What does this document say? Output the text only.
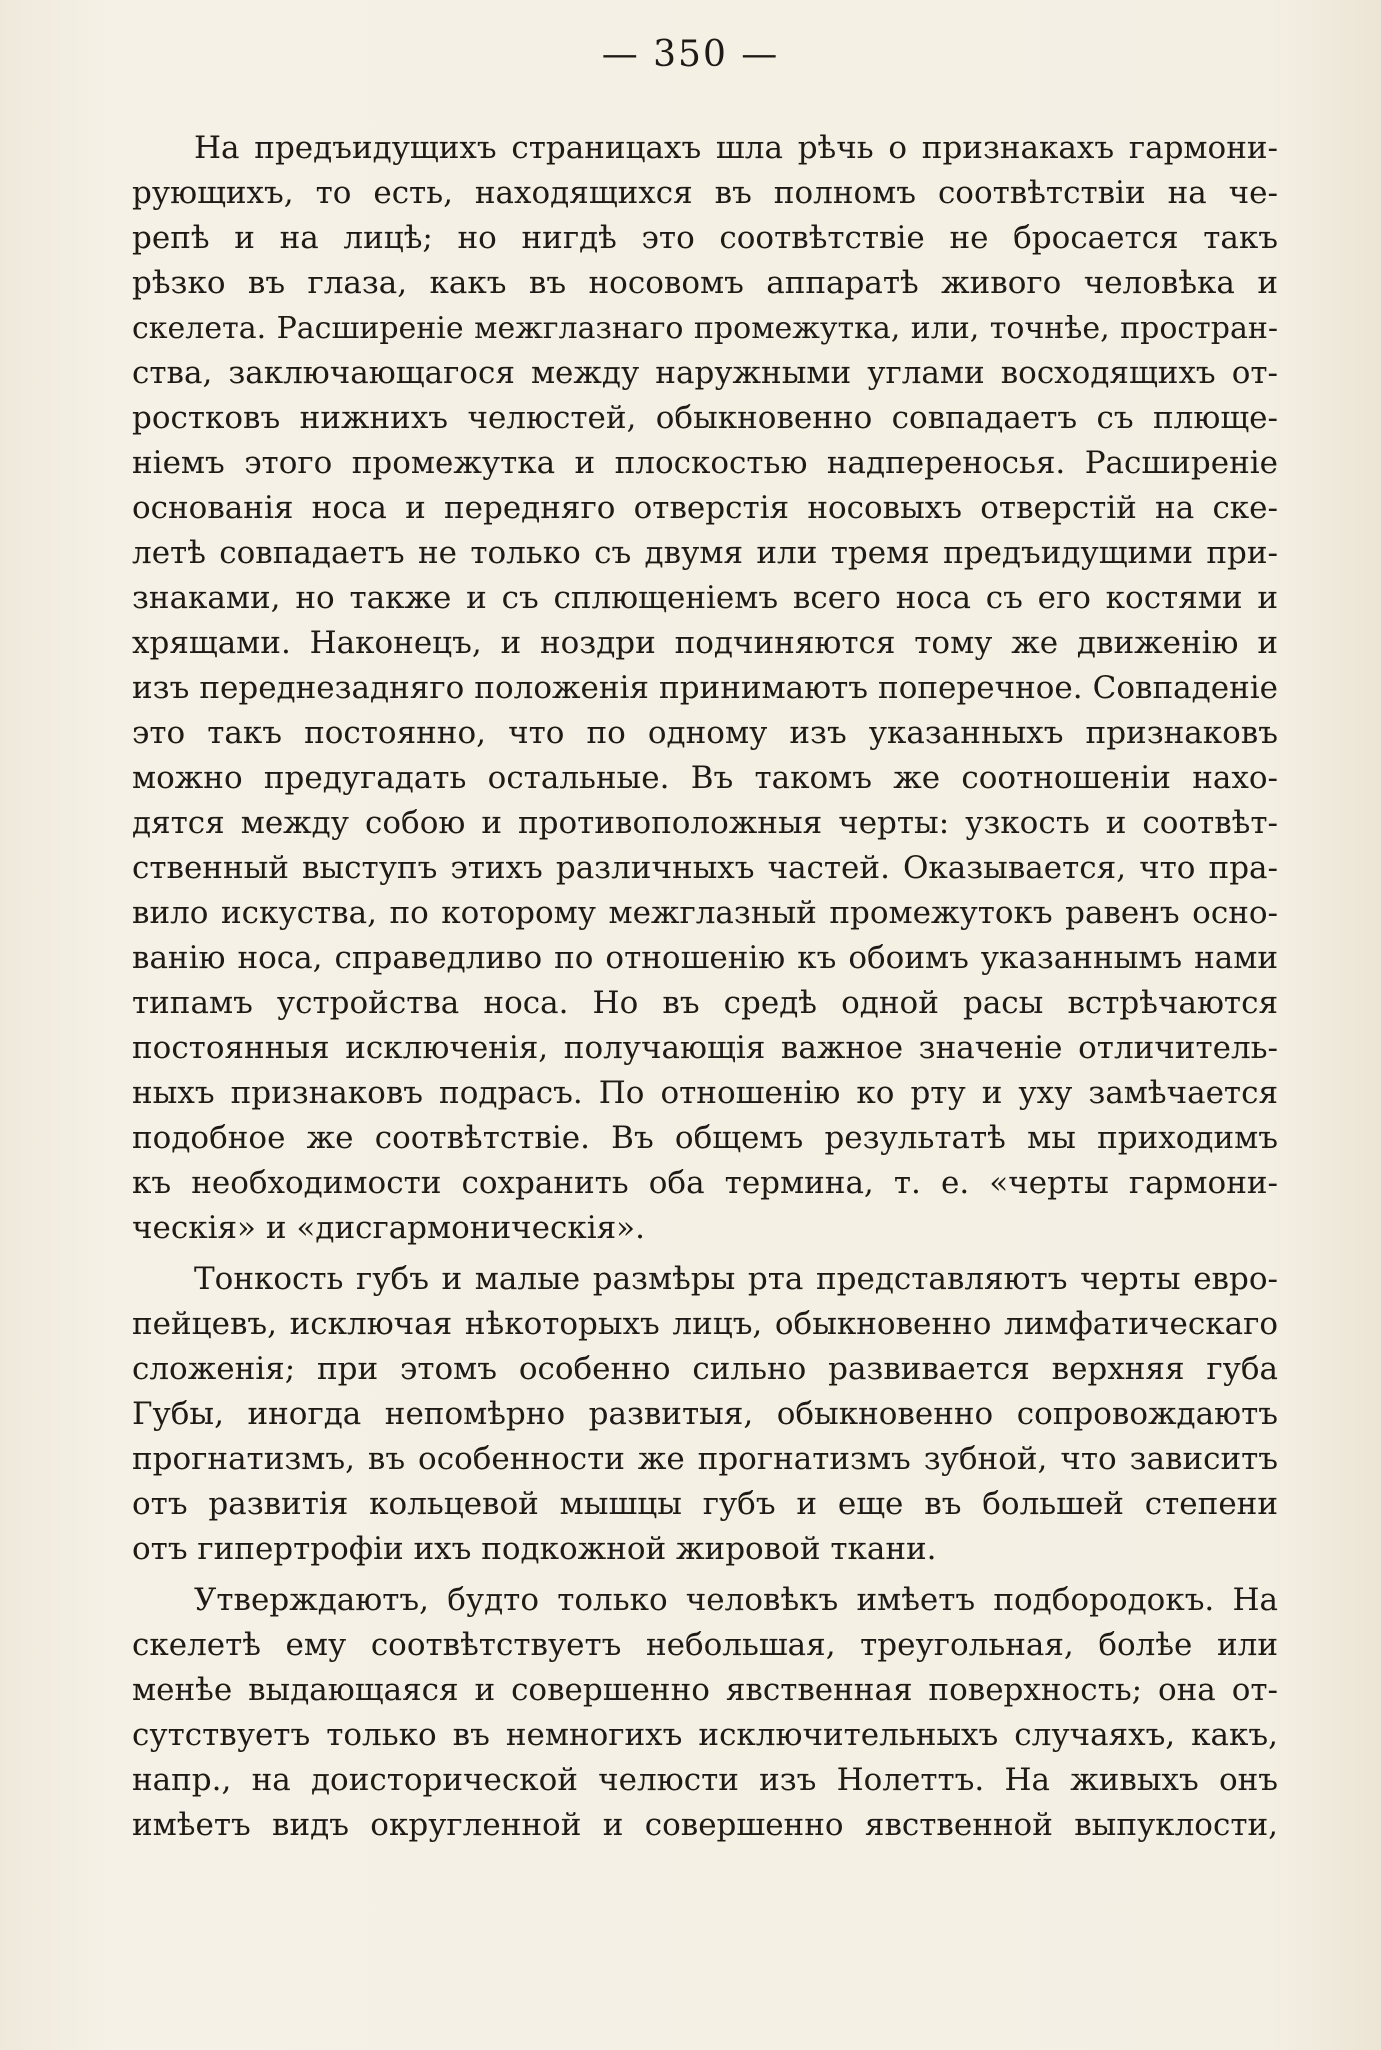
— 350 —
На предъидущихъ страницахъ шла рѣчь о признакахъ гармони-
рующихъ, то есть, находящихся въ полномъ соотвѣтствіи на че-
репѣ и на лицѣ; но нигдѣ это соотвѣтствіе не бросается такъ
рѣзко въ глаза, какъ въ носовомъ аппаратѣ живого человѣка и
скелета. Расширеніе межглазнаго промежутка, или, точнѣе, простран-
ства, заключающагося между наружными углами восходящихъ от-
ростковъ нижнихъ челюстей, обыкновенно совпадаетъ съ плюще-
ніемъ этого промежутка и плоскостью надпереносья. Расширеніе
основанія носа и передняго отверстія носовыхъ отверстій на ске-
летѣ совпадаетъ не только съ двумя или тремя предъидущими при-
знаками, но также и съ сплющеніемъ всего носа съ его костями и
хрящами. Наконецъ, и ноздри подчиняются тому же движенію и
изъ переднезадняго положенія принимаютъ поперечное. Совпаденіе
это такъ постоянно, что по одному изъ указанныхъ признаковъ
можно предугадать остальные. Въ такомъ же соотношеніи нахо-
дятся между собою и противоположныя черты: узкость и соотвѣт-
ственный выступъ этихъ различныхъ частей. Оказывается, что пра-
вило искуства, по которому межглазный промежутокъ равенъ осно-
ванію носа, справедливо по отношенію къ обоимъ указаннымъ нами
типамъ устройства носа. Но въ средѣ одной расы встрѣчаются
постоянныя исключенія, получающія важное значеніе отличитель-
ныхъ признаковъ подрасъ. По отношенію ко рту и уху замѣчается
подобное же соотвѣтствіе. Въ общемъ результатѣ мы приходимъ
къ необходимости сохранить оба термина, т. е. «черты гармони-
ческія» и «дисгармоническія».
Тонкость губъ и малые размѣры рта представляютъ черты евро-
пейцевъ, исключая нѣкоторыхъ лицъ, обыкновенно лимфатическаго
сложенія; при этомъ особенно сильно развивается верхняя губа
Губы, иногда непомѣрно развитыя, обыкновенно сопровождаютъ
прогнатизмъ, въ особенности же прогнатизмъ зубной, что зависитъ
отъ развитія кольцевой мышцы губъ и еще въ большей степени
отъ гипертрофіи ихъ подкожной жировой ткани.
Утверждаютъ, будто только человѣкъ имѣетъ подбородокъ. На
скелетѣ ему соотвѣтствуетъ небольшая, треугольная, болѣе или
менѣе выдающаяся и совершенно явственная поверхность; она от-
сутствуетъ только въ немногихъ исключительныхъ случаяхъ, какъ,
напр., на доисторической челюсти изъ Нолеттъ. На живыхъ онъ
имѣетъ видъ округленной и совершенно явственной выпуклости,
